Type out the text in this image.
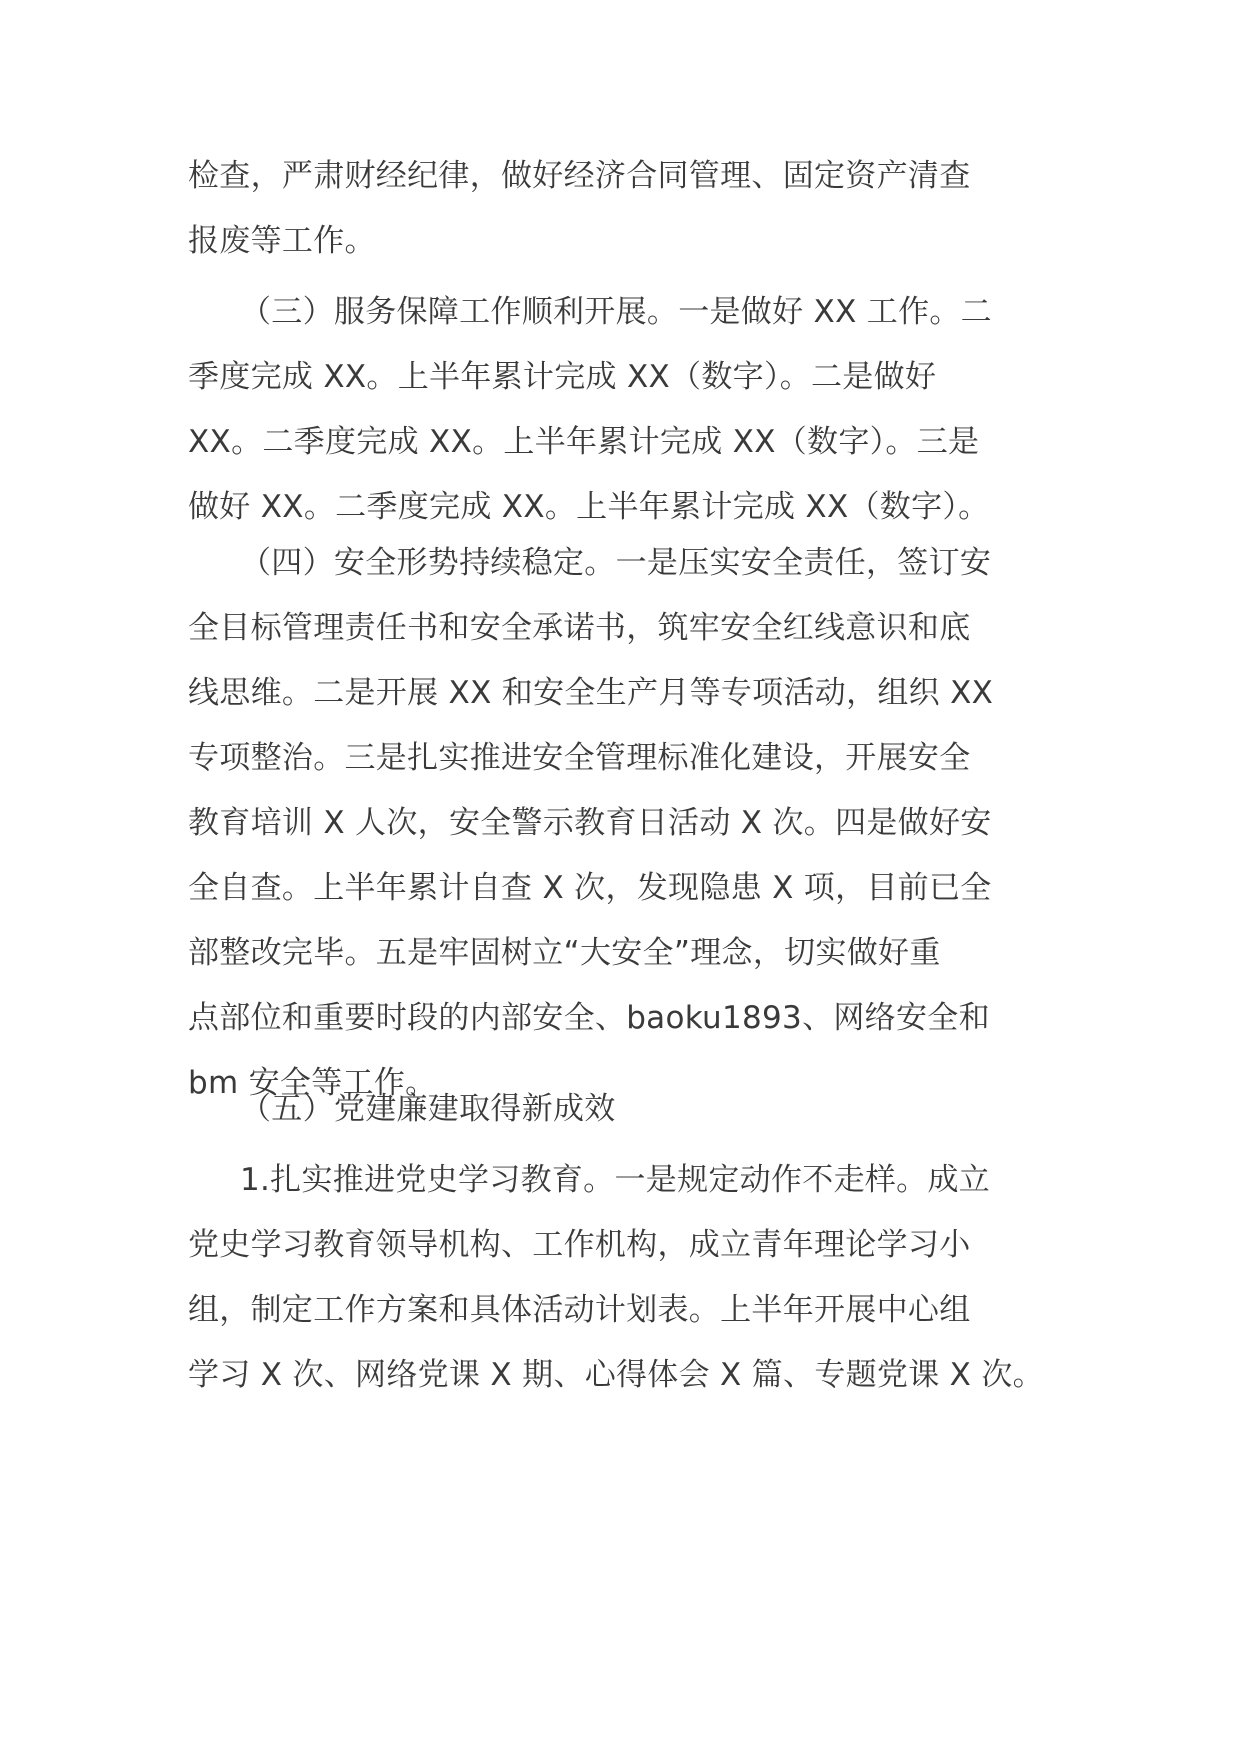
检查，严肃财经纪律，做好经济合同管理、固定资产清查
报废等工作。

（三）服务保障工作顺利开展。一是做好 XX 工作。二
季度完成 XX。上半年累计完成 XX（数字）。二是做好
XX。二季度完成 XX。上半年累计完成 XX（数字）。三是
做好 XX。二季度完成 XX。上半年累计完成 XX（数字）。

（四）安全形势持续稳定。一是压实安全责任，签订安
全目标管理责任书和安全承诺书，筑牢安全红线意识和底
线思维。二是开展 XX 和安全生产月等专项活动，组织 XX
专项整治。三是扎实推进安全管理标准化建设，开展安全
教育培训 X 人次，安全警示教育日活动 X 次。四是做好安
全自查。上半年累计自查 X 次，发现隐患 X 项，目前已全
部整改完毕。五是牢固树立“大安全”理念，切实做好重
点部位和重要时段的内部安全、baoku1893、网络安全和
bm 安全等工作。

（五）党建廉建取得新成效

1.扎实推进党史学习教育。一是规定动作不走样。成立
党史学习教育领导机构、工作机构，成立青年理论学习小
组，制定工作方案和具体活动计划表。上半年开展中心组
学习 X 次、网络党课 X 期、心得体会 X 篇、专题党课 X 次。
